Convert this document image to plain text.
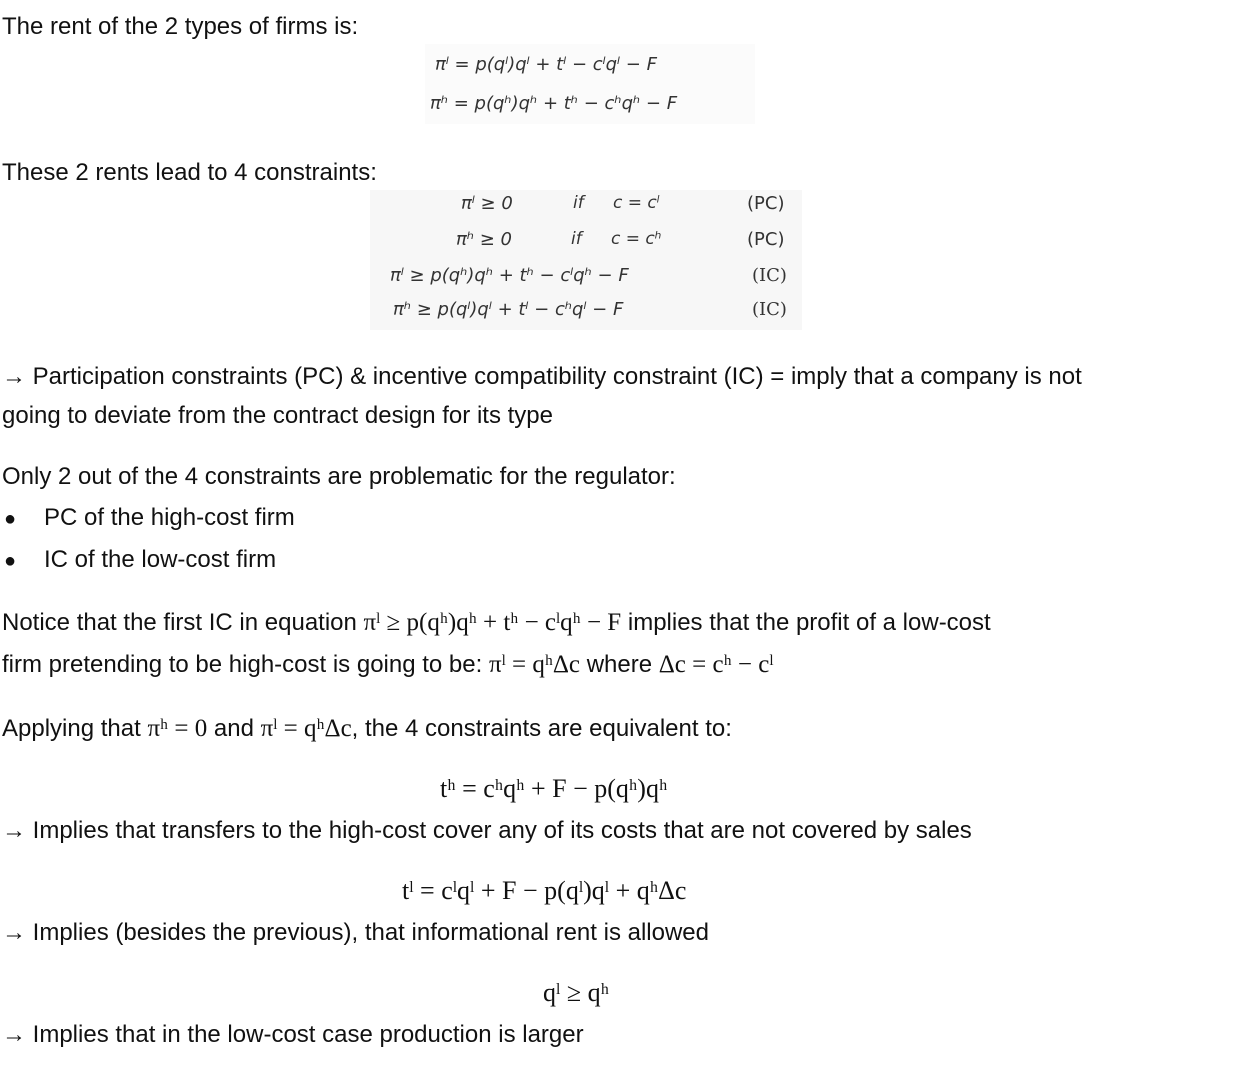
The rent of the 2 types of firms is:
πˡ = p(qˡ)qˡ + tˡ − cˡqˡ − F
πʰ = p(qʰ)qʰ + tʰ − cʰqʰ − F
These 2 rents lead to 4 constraints:
πˡ ≥ 0	if c = cˡ	(PC)
πʰ ≥ 0	if c = cʰ	(PC)
πˡ ≥ p(qʰ)qʰ + tʰ − cˡqʰ − F	(IC)
πʰ ≥ p(qˡ)qˡ + tˡ − cʰqˡ − F	(IC)
→ Participation constraints (PC) & incentive compatibility constraint (IC) = imply that a company is not
going to deviate from the contract design for its type
Only 2 out of the 4 constraints are problematic for the regulator:
● PC of the high-cost firm
● IC of the low-cost firm
Notice that the first IC in equation πˡ ≥ p(qʰ)qʰ + tʰ − cˡqʰ − F implies that the profit of a low-cost
firm pretending to be high-cost is going to be: πˡ = qʰΔc where Δc = cʰ − cˡ
Applying that πʰ = 0 and πˡ = qʰΔc, the 4 constraints are equivalent to:
tʰ = cʰqʰ + F − p(qʰ)qʰ
→ Implies that transfers to the high-cost cover any of its costs that are not covered by sales
tˡ = cˡqˡ + F − p(qˡ)qˡ + qʰΔc
→ Implies (besides the previous), that informational rent is allowed
qˡ ≥ qʰ
→ Implies that in the low-cost case production is larger
